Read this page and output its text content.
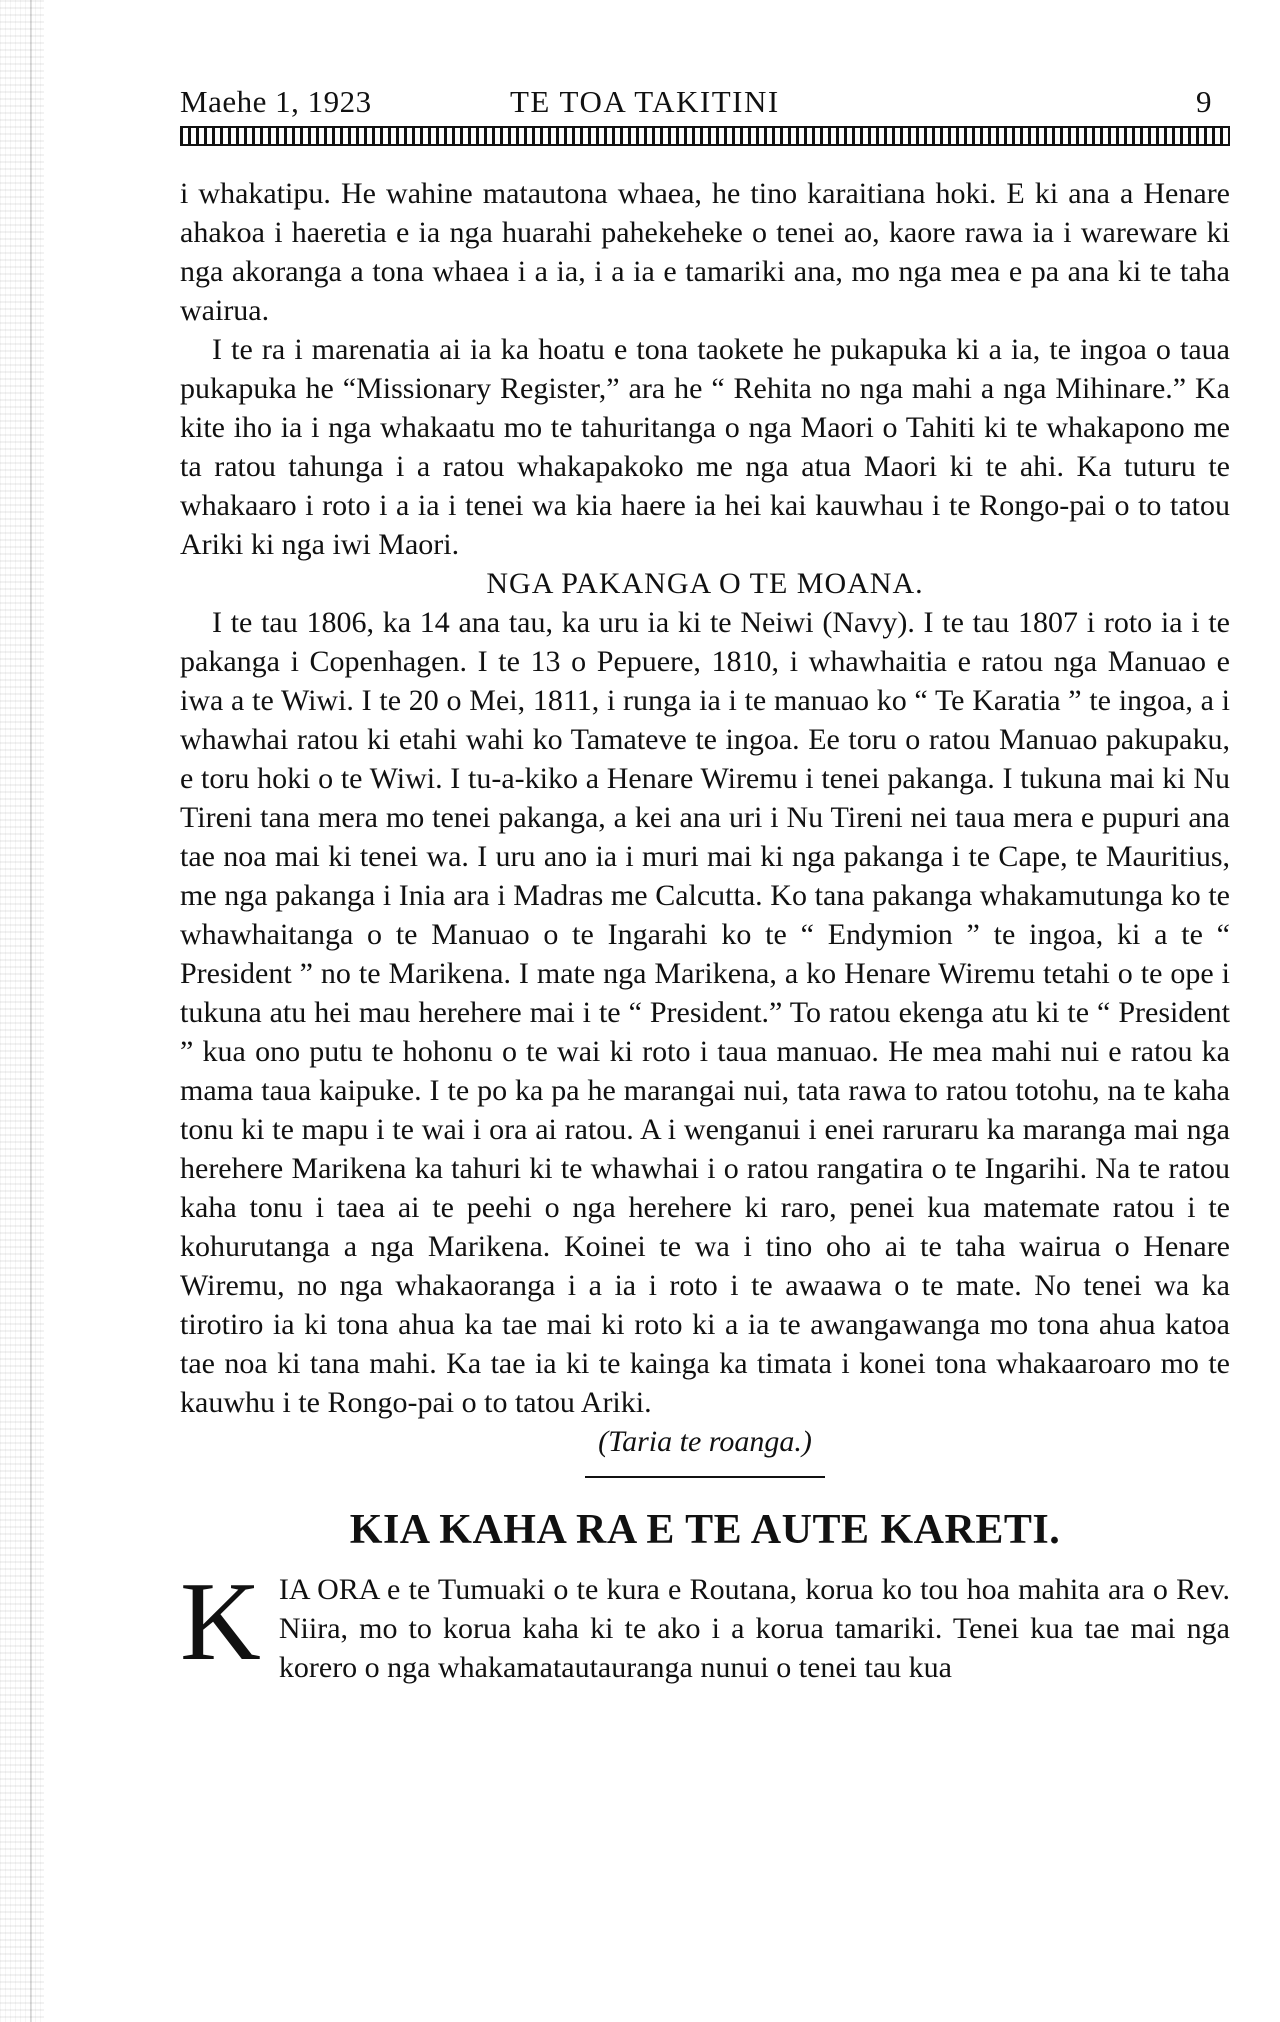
Maehe 1, 1923	TE TOA TAKITINI	9

i whakatipu. He wahine matautona whaea, he tino karaitiana hoki. E ki ana a Henare ahakoa i haeretia e ia nga huarahi pahekeheke o tenei ao, kaore rawa ia i wareware ki nga akoranga a tona whaea i a ia, i a ia e tamariki ana, mo nga mea e pa ana ki te taha wairua.

I te ra i marenatia ai ia ka hoatu e tona taokete he pukapuka ki a ia, te ingoa o taua pukapuka he “Missionary Register,” ara he “ Rehita no nga mahi a nga Mihinare.” Ka kite iho ia i nga whakaatu mo te tahuritanga o nga Maori o Tahiti ki te whakapono me ta ratou tahunga i a ratou whakapakoko me nga atua Maori ki te ahi. Ka tuturu te whakaaro i roto i a ia i tenei wa kia haere ia hei kai kauwhau i te Rongo-pai o to tatou Ariki ki nga iwi Maori.

NGA PAKANGA O TE MOANA.

I te tau 1806, ka 14 ana tau, ka uru ia ki te Neiwi (Navy). I te tau 1807 i roto ia i te pakanga i Copenhagen. I te 13 o Pepuere, 1810, i whawhaitia e ratou nga Manuao e iwa a te Wiwi. I te 20 o Mei, 1811, i runga ia i te manuao ko “ Te Karatia ” te ingoa, a i whawhai ratou ki etahi wahi ko Tamateve te ingoa. Ee toru o ratou Manuao pakupaku, e toru hoki o te Wiwi. I tu-a-kiko a Henare Wiremu i tenei pakanga. I tukuna mai ki Nu Tireni tana mera mo tenei pakanga, a kei ana uri i Nu Tireni nei taua mera e pupuri ana tae noa mai ki tenei wa. I uru ano ia i muri mai ki nga pakanga i te Cape, te Mauritius, me nga pakanga i Inia ara i Madras me Calcutta. Ko tana pakanga whakamutunga ko te whawhaitanga o te Manuao o te Ingarahi ko te “ Endymion ” te ingoa, ki a te “ President ” no te Marikena. I mate nga Marikena, a ko Henare Wiremu tetahi o te ope i tukuna atu hei mau herehere mai i te “ President.” To ratou ekenga atu ki te “ President ” kua ono putu te hohonu o te wai ki roto i taua manuao. He mea mahi nui e ratou ka mama taua kaipuke. I te po ka pa he marangai nui, tata rawa to ratou totohu, na te kaha tonu ki te mapu i te wai i ora ai ratou. A i wenganui i enei raruraru ka maranga mai nga herehere Marikena ka tahuri ki te whawhai i o ratou rangatira o te Ingarihi. Na te ratou kaha tonu i taea ai te peehi o nga herehere ki raro, penei kua matemate ratou i te kohurutanga a nga Marikena. Koinei te wa i tino oho ai te taha wairua o Henare Wiremu, no nga whakaoranga i a ia i roto i te awaawa o te mate. No tenei wa ka tirotiro ia ki tona ahua ka tae mai ki roto ki a ia te awangawanga mo tona ahua katoa tae noa ki tana mahi. Ka tae ia ki te kainga ka timata i konei tona whakaaroaro mo te kauwhu i te Rongo-pai o to tatou Ariki.

(Taria te roanga.)

KIA KAHA RA E TE AUTE KARETI.
K IA ORA e te Tumuaki o te kura e Routana, korua ko tou hoa mahita ara o Rev. Niira, mo to korua kaha ki te ako i a korua tamariki. Tenei kua tae mai nga korero o nga whakamatautauranga nunui o tenei tau kua
